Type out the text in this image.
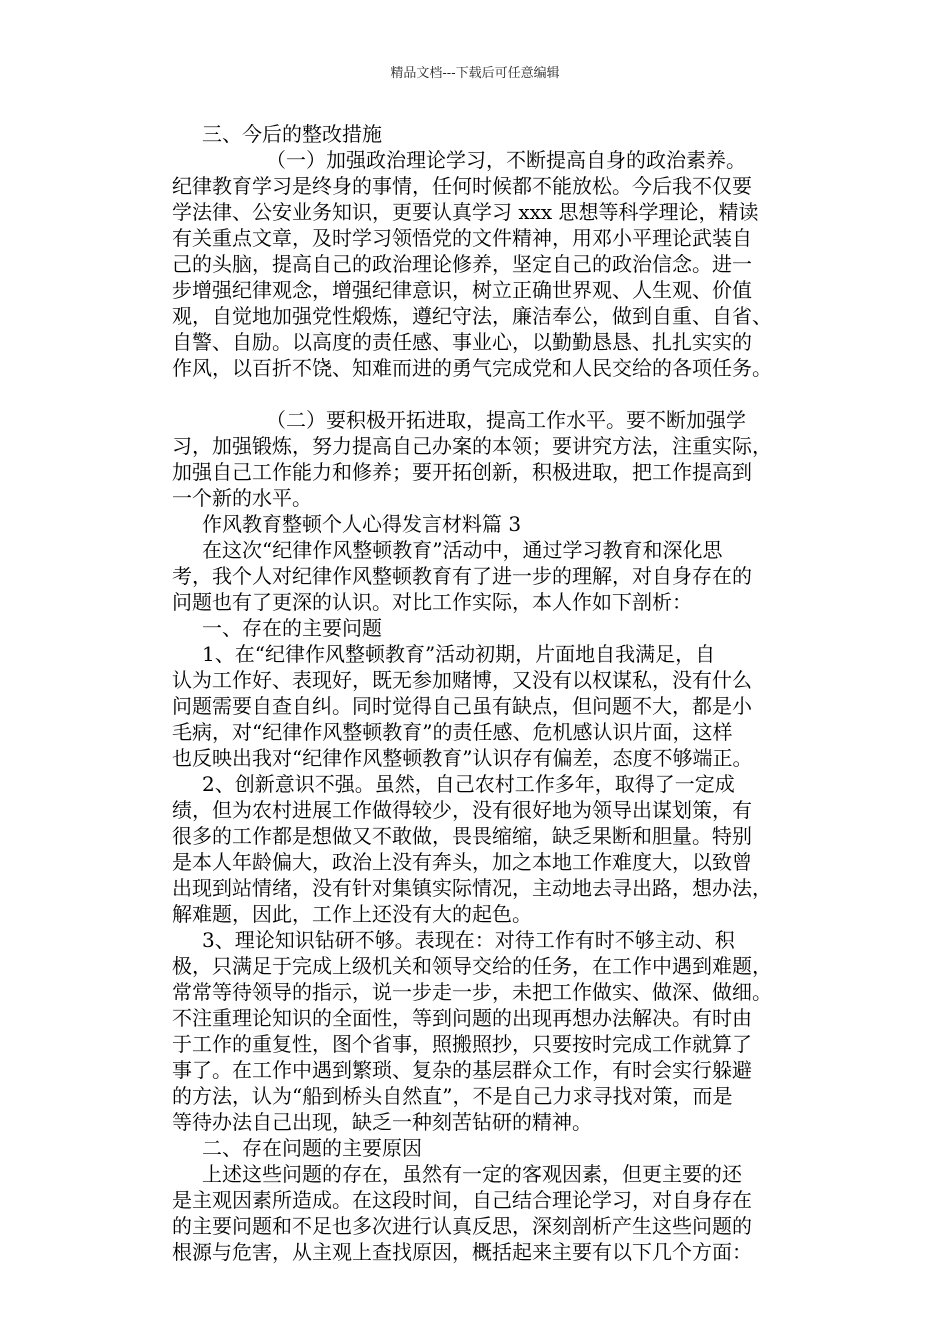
精品文档---下载后可任意编辑
三、今后的整改措施
（一）加强政治理论学习，不断提高自身的政治素养。
纪律教育学习是终身的事情，任何时候都不能放松。今后我不仅要
学法律、公安业务知识，更要认真学习 xxx 思想等科学理论，精读
有关重点文章，及时学习领悟党的文件精神，用邓小平理论武装自
己的头脑，提高自己的政治理论修养，坚定自己的政治信念。进一
步增强纪律观念，增强纪律意识，树立正确世界观、人生观、价值
观，自觉地加强党性煅炼，遵纪守法，廉洁奉公，做到自重、自省、
自警、自励。以高度的责任感、事业心，以勤勤恳恳、扎扎实实的
作风，以百折不饶、知难而进的勇气完成党和人民交给的各项任务。
（二）要积极开拓进取，提高工作水平。要不断加强学
习，加强锻炼，努力提高自己办案的本领；要讲究方法，注重实际，
加强自己工作能力和修养；要开拓创新，积极进取，把工作提高到
一个新的水平。
作风教育整顿个人心得发言材料篇 3
在这次“纪律作风整顿教育”活动中，通过学习教育和深化思
考，我个人对纪律作风整顿教育有了进一步的理解，对自身存在的
问题也有了更深的认识。对比工作实际，本人作如下剖析：
一、存在的主要问题
1、在“纪律作风整顿教育”活动初期，片面地自我满足，自
认为工作好、表现好，既无参加赌博，又没有以权谋私，没有什么
问题需要自查自纠。同时觉得自己虽有缺点，但问题不大，都是小
毛病，对“纪律作风整顿教育”的责任感、危机感认识片面，这样
也反映出我对“纪律作风整顿教育”认识存有偏差，态度不够端正。
2、创新意识不强。虽然，自己农村工作多年，取得了一定成
绩，但为农村进展工作做得较少，没有很好地为领导出谋划策，有
很多的工作都是想做又不敢做，畏畏缩缩，缺乏果断和胆量。特别
是本人年龄偏大，政治上没有奔头，加之本地工作难度大，以致曾
出现到站情绪，没有针对集镇实际情况，主动地去寻出路，想办法，
解难题，因此，工作上还没有大的起色。
3、理论知识钻研不够。表现在：对待工作有时不够主动、积
极，只满足于完成上级机关和领导交给的任务，在工作中遇到难题，
常常等待领导的指示，说一步走一步，未把工作做实、做深、做细。
不注重理论知识的全面性，等到问题的出现再想办法解决。有时由
于工作的重复性，图个省事，照搬照抄，只要按时完成工作就算了
事了。在工作中遇到繁琐、复杂的基层群众工作，有时会实行躲避
的方法，认为“船到桥头自然直”，不是自己力求寻找对策，而是
等待办法自己出现，缺乏一种刻苦钻研的精神。
二、存在问题的主要原因
上述这些问题的存在，虽然有一定的客观因素，但更主要的还
是主观因素所造成。在这段时间，自己结合理论学习，对自身存在
的主要问题和不足也多次进行认真反思，深刻剖析产生这些问题的
根源与危害，从主观上查找原因，概括起来主要有以下几个方面：
